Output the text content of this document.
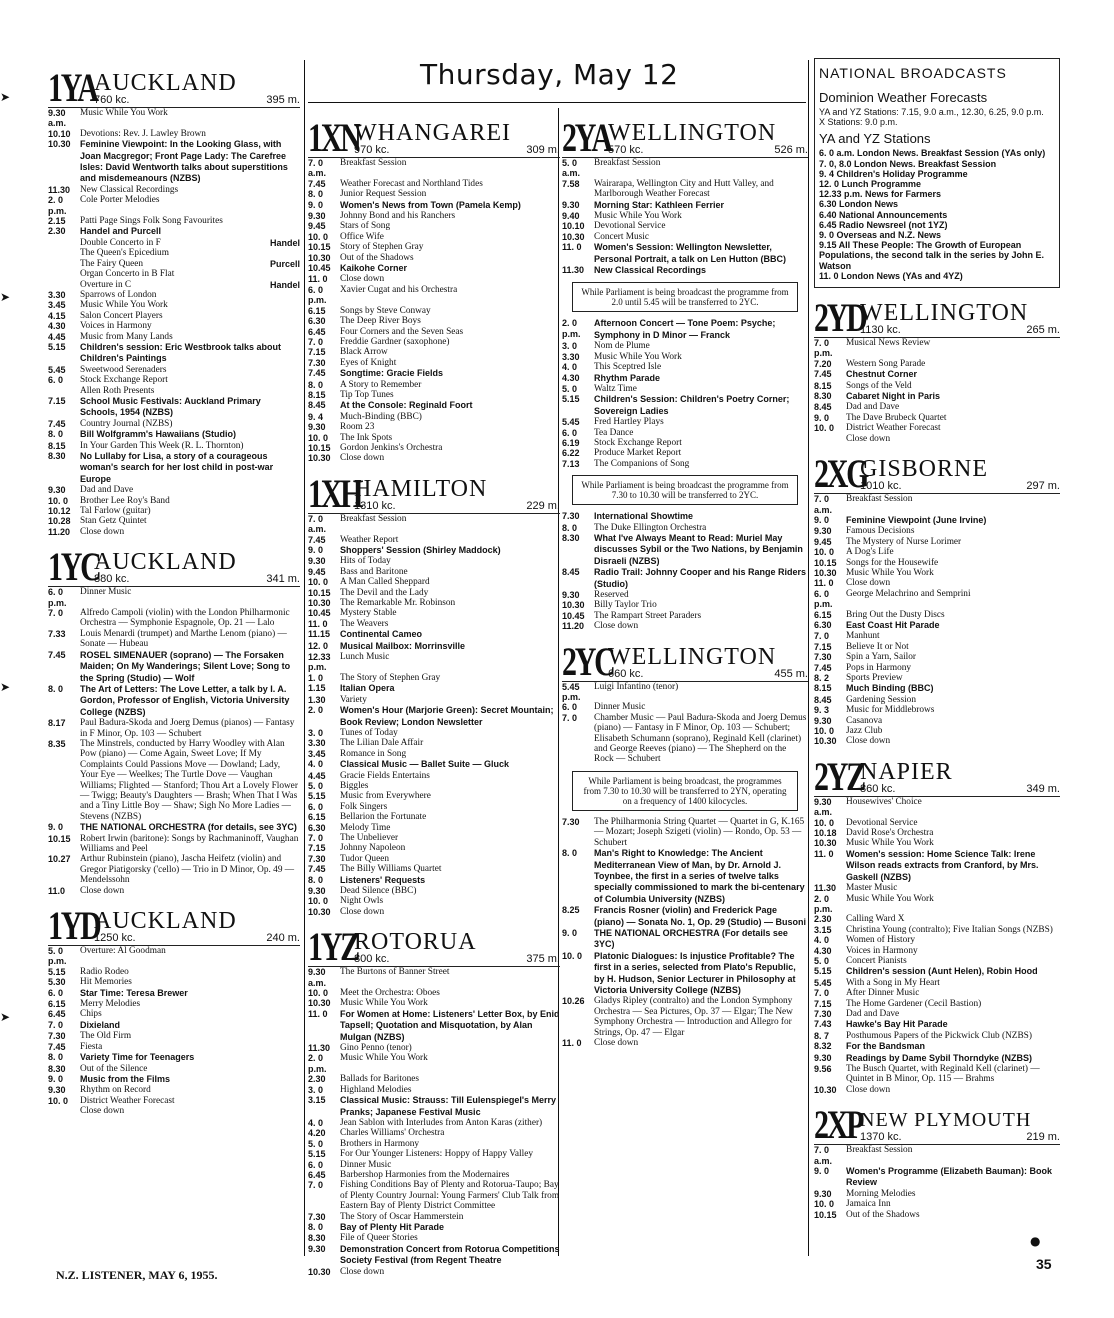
Thursday, May 12
1YA
AUCKLAND
760 kc.	395 m.
9.30 a.m.
Music While You Work
10.10	Devotions: Rev. J. Lawley Brown
10.30	Feminine Viewpoint: In the Looking Glass, with Joan Macgregor; Front Page Lady: The Carefree Isles: David Wentworth talks about superstitions and misdemeanours (NZBS)
11.30	New Classical Recordings
2. 0 p.m.
Cole Porter Melodies
2.15	Patti Page Sings Folk Song Favourites
2.30	Handel and Purcell
Double Concerto in F	Handel
The Queen's Epicedium
The Fairy Queen	Purcell
Organ Concerto in B Flat
Overture in C	Handel
3.30	Sparrows of London
3.45	Music While You Work
4.15	Salon Concert Players
4.30	Voices in Harmony
4.45	Music from Many Lands
5.15	Children's session: Eric Westbrook talks about Children's Paintings
5.45	Sweetwood Serenaders
6. 0	Stock Exchange Report
Allen Roth Presents
7.15	School Music Festivals: Auckland Primary Schools, 1954 (NZBS)
7.45	Country Journal (NZBS)
8. 0	Bill Wolfgramm's Hawaiians (Studio)
8.15	In Your Garden This Week (R. L. Thornton)
8.30	No Lullaby for Lisa, a story of a courageous woman's search for her lost child in post-war Europe
9.30	Dad and Dave
10. 0	Brother Lee Roy's Band
10.12	Tal Farlow (guitar)
10.28	Stan Getz Quintet
11.20	Close down
1YC
AUCKLAND
880 kc.	341 m.
6. 0 p.m.
Dinner Music
7. 0	Alfredo Campoli (violin) with the London Philharmonic Orchestra — Symphonie Espagnole, Op. 21 — Lalo
7.33	Louis Menardi (trumpet) and Marthe Lenom (piano) — Sonate — Hubeau
7.45	ROSEL SIMENAUER (soprano) — The Forsaken Maiden; On My Wanderings; Silent Love; Song to the Spring (Studio) — Wolf
8. 0	The Art of Letters: The Love Letter, a talk by I. A. Gordon, Professor of English, Victoria University College (NZBS)
8.17	Paul Badura-Skoda and Joerg Demus (pianos) — Fantasy in F Minor, Op. 103 — Schubert
8.35	The Minstrels, conducted by Harry Woodley with Alan Pow (piano) — Come Again, Sweet Love; If My Complaints Could Passions Move — Dowland; Lady, Your Eye — Weelkes; The Turtle Dove — Vaughan Williams; Flighted — Stanford; Thou Art a Lovely Flower — Twigg; Beauty's Daughters — Brash; When That I Was and a Tiny Little Boy — Shaw; Sigh No More Ladies — Stevens (NZBS)
9. 0	THE NATIONAL ORCHESTRA (for details, see 3YC)
10.15	Robert Irwin (baritone): Songs by Rachmaninoff, Vaughan Williams and Peel
10.27	Arthur Rubinstein (piano), Jascha Heifetz (violin) and Gregor Piatigorsky ('cello) — Trio in D Minor, Op. 49 — Mendelssohn
11.0	Close down
1YD
AUCKLAND
1250 kc.	240 m.
5. 0 p.m.
Overture: Al Goodman
5.15	Radio Rodeo
5.30	Hit Memories
6. 0	Star Time: Teresa Brewer
6.15	Merry Melodies
6.45	Chips
7. 0	Dixieland
7.30	The Old Firm
7.45	Fiesta
8. 0	Variety Time for Teenagers
8.30	Out of the Silence
9. 0	Music from the Films
9.30	Rhythm on Record
10. 0	District Weather Forecast
Close down
1XN
WHANGAREI
970 kc.	309 m.
7. 0 a.m.
Breakfast Session
7.45	Weather Forecast and Northland Tides
8. 0	Junior Request Session
9. 0	Women's News from Town (Pamela Kemp)
9.30	Johnny Bond and his Ranchers
9.45	Stars of Song
10. 0	Office Wife
10.15	Story of Stephen Gray
10.30	Out of the Shadows
10.45	Kaikohe Corner
11. 0	Close down
6. 0 p.m.
Xavier Cugat and his Orchestra
6.15	Songs by Steve Conway
6.30	The Deep River Boys
6.45	Four Corners and the Seven Seas
7. 0	Freddie Gardner (saxophone)
7.15	Black Arrow
7.30	Eyes of Knight
7.45	Songtime: Gracie Fields
8. 0	A Story to Remember
8.15	Tip Top Tunes
8.45	At the Console: Reginald Foort
9. 4	Much-Binding (BBC)
9.30	Room 23
10. 0	The Ink Spots
10.15	Gordon Jenkins's Orchestra
10.30	Close down
1XH
HAMILTON
1310 kc.	229 m.
7. 0 a.m.
Breakfast Session
7.45	Weather Report
9. 0	Shoppers' Session (Shirley Maddock)
9.30	Hits of Today
9.45	Bass and Baritone
10. 0	A Man Called Sheppard
10.15	The Devil and the Lady
10.30	The Remarkable Mr. Robinson
10.45	Mystery Stable
11. 0	The Weavers
11.15	Continental Cameo
12. 0	Musical Mailbox: Morrinsville
12.33 p.m.
Lunch Music
1. 0	The Story of Stephen Gray
1.15	Italian Opera
1.30	Variety
2. 0	Women's Hour (Marjorie Green): Secret Mountain; Book Review; London Newsletter
3. 0	Tunes of Today
3.30	The Lilian Dale Affair
3.45	Romance in Song
4. 0	Classical Music — Ballet Suite — Gluck
4.45	Gracie Fields Entertains
5. 0	Biggles
5.15	Music from Everywhere
6. 0	Folk Singers
6.15	Bellarion the Fortunate
6.30	Melody Time
7. 0	The Unbeliever
7.15	Johnny Napoleon
7.30	Tudor Queen
7.45	The Billy Williams Quartet
8. 0	Listeners' Requests
9.30	Dead Silence (BBC)
10. 0	Night Owls
10.30	Close down
1YZ
ROTORUA
800 kc.	375 m.
9.30 a.m.
The Burtons of Banner Street
10. 0	Meet the Orchestra: Oboes
10.30	Music While You Work
11. 0	For Women at Home: Listeners' Letter Box, by Enid Tapsell; Quotation and Misquotation, by Alan Mulgan (NZBS)
11.30	Gino Penno (tenor)
2. 0 p.m.
Music While You Work
2.30	Ballads for Baritones
3. 0	Highland Melodies
3.15	Classical Music: Strauss: Till Eulenspiegel's Merry Pranks; Japanese Festival Music
4. 0	Jean Sablon with Interludes from Anton Karas (zither)
4.20	Charles Williams' Orchestra
5. 0	Brothers in Harmony
5.15	For Our Younger Listeners: Hoppy of Happy Valley
6. 0	Dinner Music
6.45	Barbershop Harmonies from the Modernaires
7. 0	Fishing Conditions Bay of Plenty and Rotorua-Taupo; Bay of Plenty Country Journal: Young Farmers' Club Talk from Eastern Bay of Plenty District Committee
7.30	The Story of Oscar Hammerstein
8. 0	Bay of Plenty Hit Parade
8.30	File of Queer Stories
9.30	Demonstration Concert from Rotorua Competitions Society Festival (from Regent Theatre
10.30	Close down
2YA
WELLINGTON
570 kc.	526 m.
5. 0 a.m.
Breakfast Session
7.58	Wairarapa, Wellington City and Hutt Valley, and Marlborough Weather Forecast
9.30	Morning Star: Kathleen Ferrier
9.40	Music While You Work
10.10	Devotional Service
10.30	Concert Music
11. 0	Women's Session: Wellington Newsletter, Personal Portrait, a talk on Len Hutton (BBC)
11.30	New Classical Recordings
While Parliament is being broadcast the programme from 2.0 until 5.45 will be transferred to 2YC.
2. 0 p.m.
Afternoon Concert — Tone Poem: Psyche; Symphony in D Minor — Franck
3. 0	Nom de Plume
3.30	Music While You Work
4. 0	This Sceptred Isle
4.30	Rhythm Parade
5. 0	Waltz Time
5.15	Children's Session: Children's Poetry Corner; Sovereign Ladies
5.45	Fred Hartley Plays
6. 0	Tea Dance
6.19	Stock Exchange Report
6.22	Produce Market Report
7.13	The Companions of Song
While Parliament is being broadcast the programme from 7.30 to 10.30 will be transferred to 2YC.
7.30	International Showtime
8. 0	The Duke Ellington Orchestra
8.30	What I've Always Meant to Read: Muriel May discusses Sybil or the Two Nations, by Benjamin Disraeli (NZBS)
8.45	Radio Trail: Johnny Cooper and his Range Riders (Studio)
9.30	Reserved
10.30	Billy Taylor Trio
10.45	The Rampart Street Paraders
11.20	Close down
2YC
WELLINGTON
660 kc.	455 m.
5.45 p.m.
Luigi Infantino (tenor)
6. 0	Dinner Music
7. 0	Chamber Music — Paul Badura-Skoda and Joerg Demus (piano) — Fantasy in F Minor, Op. 103 — Schubert; Elisabeth Schumann (soprano), Reginald Kell (clarinet) and George Reeves (piano) — The Shepherd on the Rock — Schubert
While Parliament is being broadcast, the programmes from 7.30 to 10.30 will be transferred to 2YN, operating on a frequency of 1400 kilocycles.
7.30	The Philharmonia String Quartet — Quartet in G, K.165 — Mozart; Joseph Szigeti (violin) — Rondo, Op. 53 — Schubert
8. 0	Man's Right to Knowledge: The Ancient Mediterranean View of Man, by Dr. Arnold J. Toynbee, the first in a series of twelve talks specially commissioned to mark the bi-centenary of Columbia University (NZBS)
8.25	Francis Rosner (violin) and Frederick Page (piano) — Sonata No. 1, Op. 29 (Studio) — Busoni
9. 0	THE NATIONAL ORCHESTRA (For details see 3YC)
10. 0	Platonic Dialogues: Is injustice Profitable? The first in a series, selected from Plato's Republic, by H. Hudson, Senior Lecturer in Philosophy at Victoria University College (NZBS)
10.26	Gladys Ripley (contralto) and the London Symphony Orchestra — Sea Pictures, Op. 37 — Elgar; The New Symphony Orchestra — Introduction and Allegro for Strings, Op. 47 — Elgar
11. 0	Close down
NATIONAL BROADCASTS
Dominion Weather Forecasts
YA and YZ Stations: 7.15, 9.0 a.m., 12.30, 6.25, 9.0 p.m.
X Stations: 9.0 p.m.
YA and YZ Stations
6. 0 a.m. London News. Breakfast Session (YAs only)
7. 0, 8.0 London News. Breakfast Session
9. 4 Children's Holiday Programme
12. 0 Lunch Programme
12.33 p.m. News for Farmers
6.30 London News
6.40 National Announcements
6.45 Radio Newsreel (not 1YZ)
9. 0 Overseas and N.Z. News
9.15 All These People: The Growth of European Populations, the second talk in the series by John E. Watson
11. 0 London News (YAs and 4YZ)
2YD
WELLINGTON
1130 kc.	265 m.
7. 0 p.m.
Musical News Review
7.20	Western Song Parade
7.45	Chestnut Corner
8.15	Songs of the Veld
8.30	Cabaret Night in Paris
8.45	Dad and Dave
9. 0	The Dave Brubeck Quartet
10. 0	District Weather Forecast
Close down
2XG
GISBORNE
1010 kc.	297 m.
7. 0 a.m.
Breakfast Session
9. 0	Feminine Viewpoint (June Irvine)
9.30	Famous Decisions
9.45	The Mystery of Nurse Lorimer
10. 0	A Dog's Life
10.15	Songs for the Housewife
10.30	Music While You Work
11. 0	Close down
6. 0 p.m.
George Melachrino and Semprini
6.15	Bring Out the Dusty Discs
6.30	East Coast Hit Parade
7. 0	Manhunt
7.15	Believe It or Not
7.30	Spin a Yarn, Sailor
7.45	Pops in Harmony
8. 2	Sports Preview
8.15	Much Binding (BBC)
8.45	Gardening Session
9. 3	Music for Middlebrows
9.30	Casanova
10. 0	Jazz Club
10.30	Close down
2YZ
NAPIER
860 kc.	349 m.
9.30 a.m.
Housewives' Choice
10. 0	Devotional Service
10.18	David Rose's Orchestra
10.30	Music While You Work
11. 0	Women's session: Home Science Talk: Irene Wilson reads extracts from Cranford, by Mrs. Gaskell (NZBS)
11.30	Master Music
2. 0 p.m.
Music While You Work
2.30	Calling Ward X
3.15	Christina Young (contralto); Five Italian Songs (NZBS)
4. 0	Women of History
4.30	Voices in Harmony
5. 0	Concert Pianists
5.15	Children's session (Aunt Helen), Robin Hood
5.45	With a Song in My Heart
7. 0	After Dinner Music
7.15	The Home Gardener (Cecil Bastion)
7.30	Dad and Dave
7.43	Hawke's Bay Hit Parade
8. 7	Posthumous Papers of the Pickwick Club (NZBS)
8.32	For the Bandsman
9.30	Readings by Dame Sybil Thorndyke (NZBS)
9.56	The Busch Quartet, with Reginald Kell (clarinet) — Quintet in B Minor, Op. 115 — Brahms
10.30	Close down
2XP
NEW PLYMOUTH
1370 kc.	219 m.
7. 0 a.m.
Breakfast Session
9. 0	Women's Programme (Elizabeth Bauman): Book Review
9.30	Morning Melodies
10. 0	Jamaica Inn
10.15	Out of the Shadows
N.Z. LISTENER, MAY 6, 1955.
35
●
➤
➤
➤
➤
